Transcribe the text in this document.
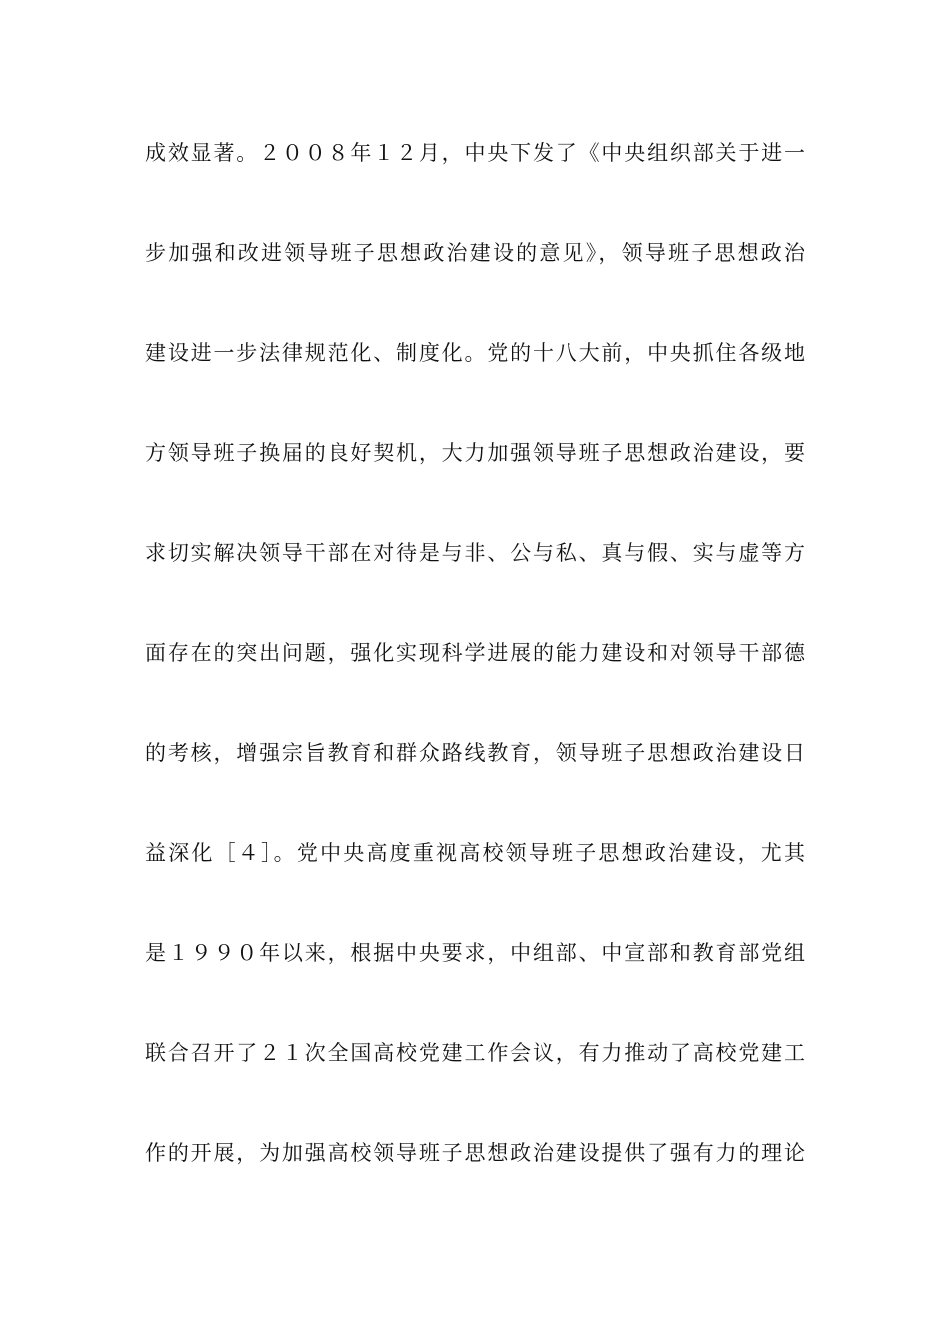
成效显著。２００８年１２月，中央下发了《中央组织部关于进一
步加强和改进领导班子思想政治建设的意见》，领导班子思想政治
建设进一步法律规范化、制度化。党的十八大前，中央抓住各级地
方领导班子换届的良好契机，大力加强领导班子思想政治建设，要
求切实解决领导干部在对待是与非、公与私、真与假、实与虚等方
面存在的突出问题，强化实现科学进展的能力建设和对领导干部德
的考核，增强宗旨教育和群众路线教育，领导班子思想政治建设日
益深化［４］。党中央高度重视高校领导班子思想政治建设，尤其
是１９９０年以来，根据中央要求，中组部、中宣部和教育部党组
联合召开了２１次全国高校党建工作会议，有力推动了高校党建工
作的开展，为加强高校领导班子思想政治建设提供了强有力的理论
